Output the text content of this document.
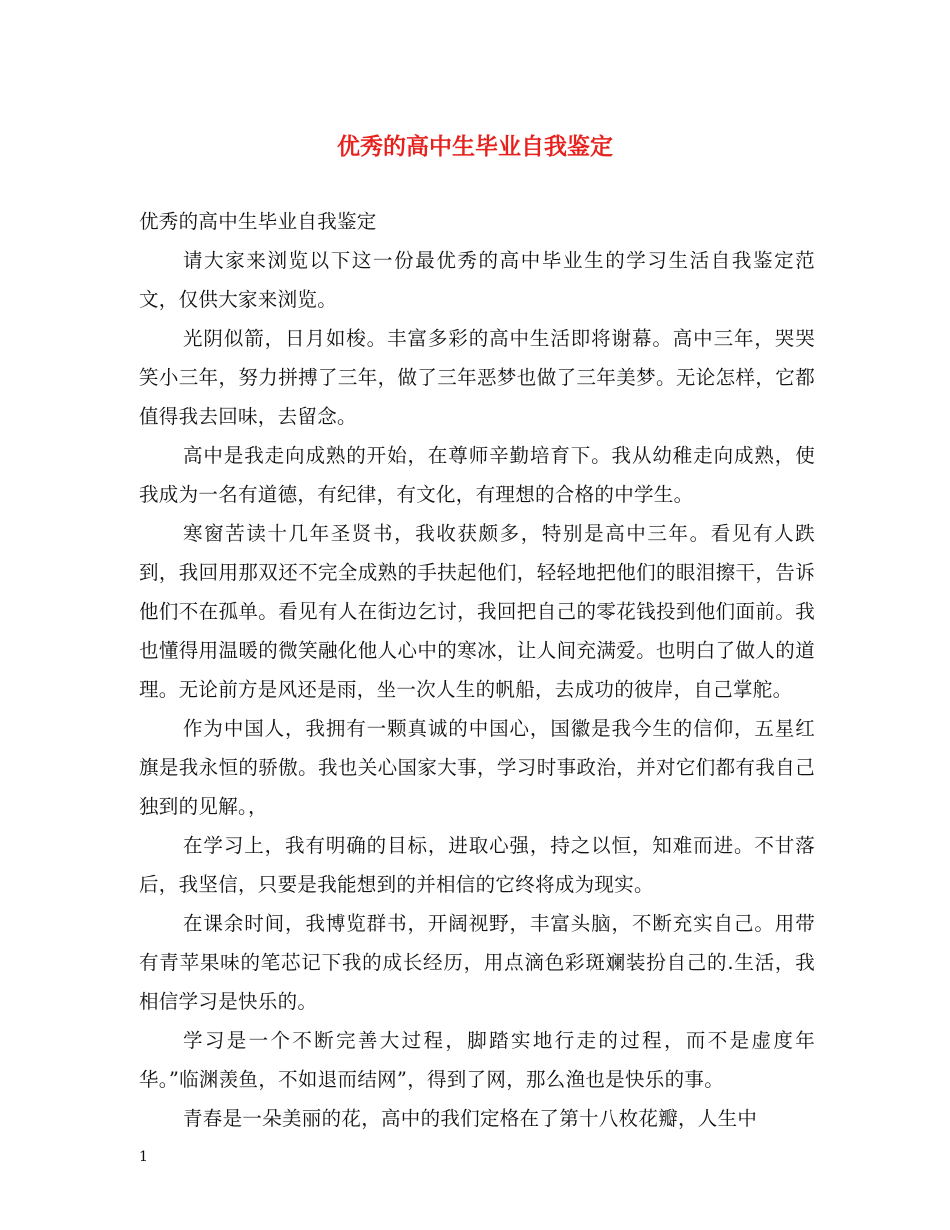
优秀的高中生毕业自我鉴定

优秀的高中生毕业自我鉴定

请大家来浏览以下这一份最优秀的高中毕业生的学习生活自我鉴定范文，仅供大家来浏览。

光阴似箭，日月如梭。丰富多彩的高中生活即将谢幕。高中三年，哭哭笑小三年，努力拼搏了三年，做了三年恶梦也做了三年美梦。无论怎样，它都值得我去回味，去留念。

高中是我走向成熟的开始，在尊师辛勤培育下。我从幼稚走向成熟，使我成为一名有道德，有纪律，有文化，有理想的合格的中学生。

寒窗苦读十几年圣贤书，我收获颇多，特别是高中三年。看见有人跌到，我回用那双还不完全成熟的手扶起他们，轻轻地把他们的眼泪擦干，告诉他们不在孤单。看见有人在街边乞讨，我回把自己的零花钱投到他们面前。我也懂得用温暖的微笑融化他人心中的寒冰，让人间充满爱。也明白了做人的道理。无论前方是风还是雨，坐一次人生的帆船，去成功的彼岸，自己掌舵。

作为中国人，我拥有一颗真诚的中国心，国徽是我今生的信仰，五星红旗是我永恒的骄傲。我也关心国家大事，学习时事政治，并对它们都有我自己独到的见解。，

在学习上，我有明确的目标，进取心强，持之以恒，知难而进。不甘落后，我坚信，只要是我能想到的并相信的它终将成为现实。

在课余时间，我博览群书，开阔视野，丰富头脑，不断充实自己。用带有青苹果味的笔芯记下我的成长经历，用点滴色彩斑斓装扮自己的.生活，我相信学习是快乐的。

学习是一个不断完善大过程，脚踏实地行走的过程，而不是虚度年华。”临渊羡鱼，不如退而结网”，得到了网，那么渔也是快乐的事。

青春是一朵美丽的花，高中的我们定格在了第十八枚花瓣，人生中

1
